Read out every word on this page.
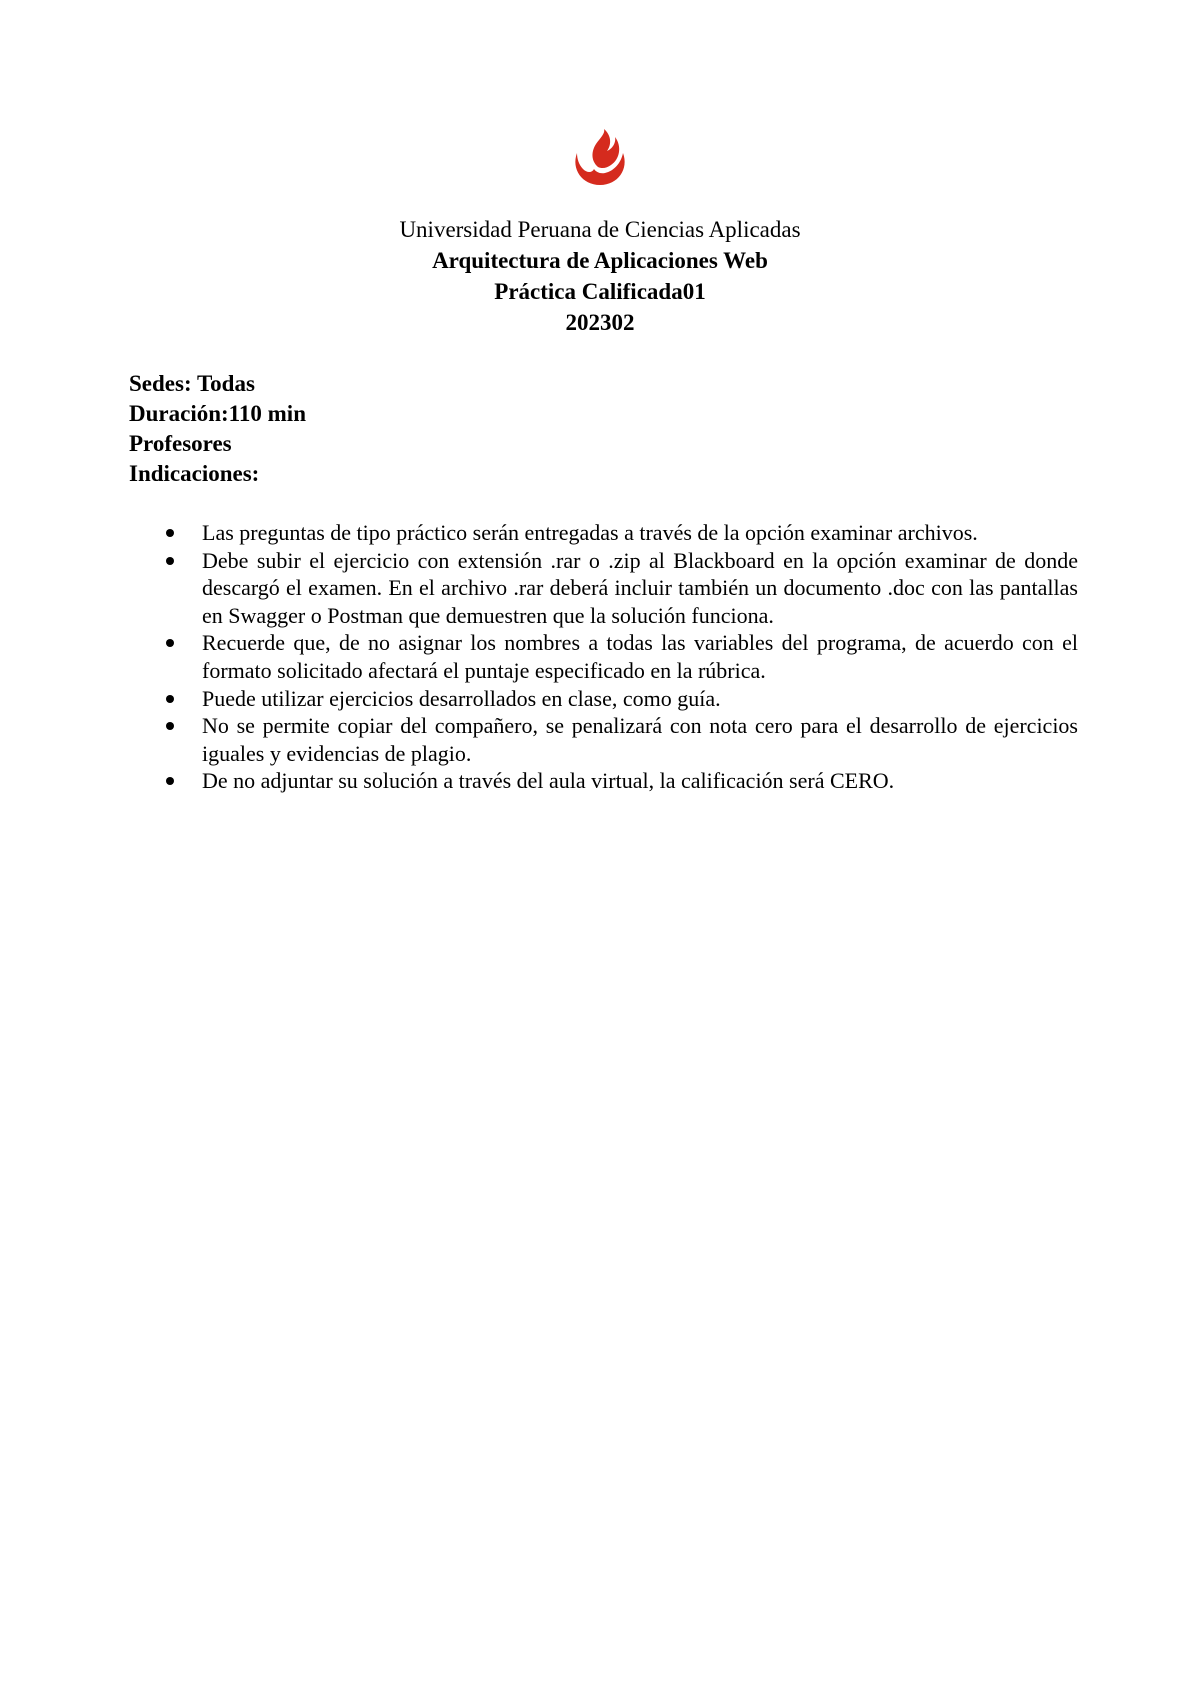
Universidad Peruana de Ciencias Aplicadas

Arquitectura de Aplicaciones Web

Práctica Calificada01

202302

Sedes: Todas

Duración:110 min

Profesores

Indicaciones:

Las preguntas de tipo práctico serán entregadas a través de la opción examinar archivos.
Debe subir el ejercicio con extensión .rar o .zip al Blackboard en la opción examinar de donde descargó el examen. En el archivo .rar deberá incluir también un documento .doc con las pantallas en Swagger o Postman que demuestren que la solución funciona.
Recuerde que, de no asignar los nombres a todas las variables del programa, de acuerdo con el formato solicitado afectará el puntaje especificado en la rúbrica.
Puede utilizar ejercicios desarrollados en clase, como guía.
No se permite copiar del compañero, se penalizará con nota cero para el desarrollo de ejercicios iguales y evidencias de plagio.
De no adjuntar su solución a través del aula virtual, la calificación será CERO.
